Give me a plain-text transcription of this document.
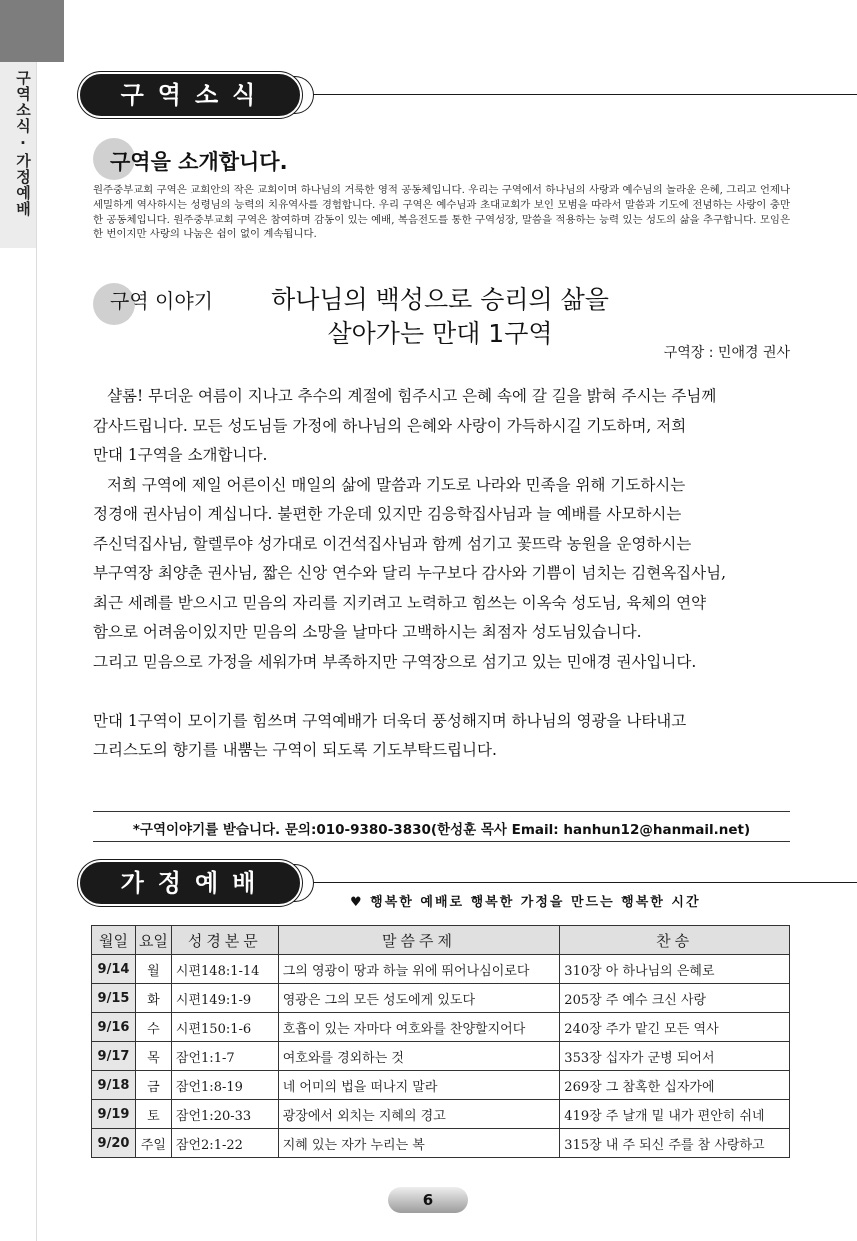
구역소식·가정예배	구역소식
구역을 소개합니다.
원주중부교회 구역은 교회안의 작은 교회이며 하나님의 거룩한 영적 공동체입니다. 우리는 구역에서 하나님의 사랑과 예수님의 놀라운 은혜, 그리고 언제나 세밀하게 역사하시는 성령님의 능력의 치유역사를 경험합니다. 우리 구역은 예수님과 초대교회가 보인 모범을 따라서 말씀과 기도에 전념하는 사랑이 충만한 공동체입니다. 원주중부교회 구역은 참여하며 감동이 있는 예배, 복음전도를 통한 구역성장, 말씀을 적용하는 능력 있는 성도의 삶을 추구합니다. 모임은 한 번이지만 사랑의 나눔은 쉼이 없이 계속됩니다.
구역 이야기	하나님의 백성으로 승리의 삶을
살아가는 만대 1구역
구역장 : 민애경 권사

샬롬! 무더운 여름이 지나고 추수의 계절에 힘주시고 은혜 속에 갈 길을 밝혀 주시는 주님께

감사드립니다. 모든 성도님들 가정에 하나님의 은혜와 사랑이 가득하시길 기도하며, 저희

만대 1구역을 소개합니다.

저희 구역에 제일 어른이신 매일의 삶에 말씀과 기도로 나라와 민족을 위해 기도하시는

정경애 권사님이 계십니다. 불편한 가운데 있지만 김응학집사님과 늘 예배를 사모하시는

주신덕집사님, 할렐루야 성가대로 이건석집사님과 함께 섬기고 꽃뜨락 농원을 운영하시는

부구역장 최양춘 권사님, 짧은 신앙 연수와 달리 누구보다 감사와 기쁨이 넘치는 김현옥집사님,

최근 세례를 받으시고 믿음의 자리를 지키려고 노력하고 힘쓰는 이옥숙 성도님, 육체의 연약

함으로 어려움이있지만 믿음의 소망을 날마다 고백하시는 최점자 성도님있습니다.

그리고 믿음으로 가정을 세워가며 부족하지만 구역장으로 섬기고 있는 민애경 권사입니다.

만대 1구역이 모이기를 힘쓰며 구역예배가 더욱더 풍성해지며 하나님의 영광을 나타내고

그리스도의 향기를 내뿜는 구역이 되도록 기도부탁드립니다.

*구역이야기를 받습니다. 문의:010-9380-3830(한성훈 목사 Email: hanhun12@hanmail.net)
가정예배
♥ 행복한 예배로 행복한 가정을 만드는 행복한 시간
월일	요일	성경본문	말씀주제	찬송
9/14	월	시편148:1-14	그의 영광이 땅과 하늘 위에 뛰어나심이로다	310장 아 하나님의 은혜로
9/15	화	시편149:1-9	영광은 그의 모든 성도에게 있도다	205장 주 예수 크신 사랑
9/16	수	시편150:1-6	호흡이 있는 자마다 여호와를 찬양할지어다	240장 주가 맡긴 모든 역사
9/17	목	잠언1:1-7	여호와를 경외하는 것	353장 십자가 군병 되어서
9/18	금	잠언1:8-19	네 어미의 법을 떠나지 말라	269장 그 참혹한 십자가에
9/19	토	잠언1:20-33	광장에서 외치는 지혜의 경고	419장 주 날개 밑 내가 편안히 쉬네
9/20	주일	잠언2:1-22	지혜 있는 자가 누리는 복	315장 내 주 되신 주를 참 사랑하고
6
